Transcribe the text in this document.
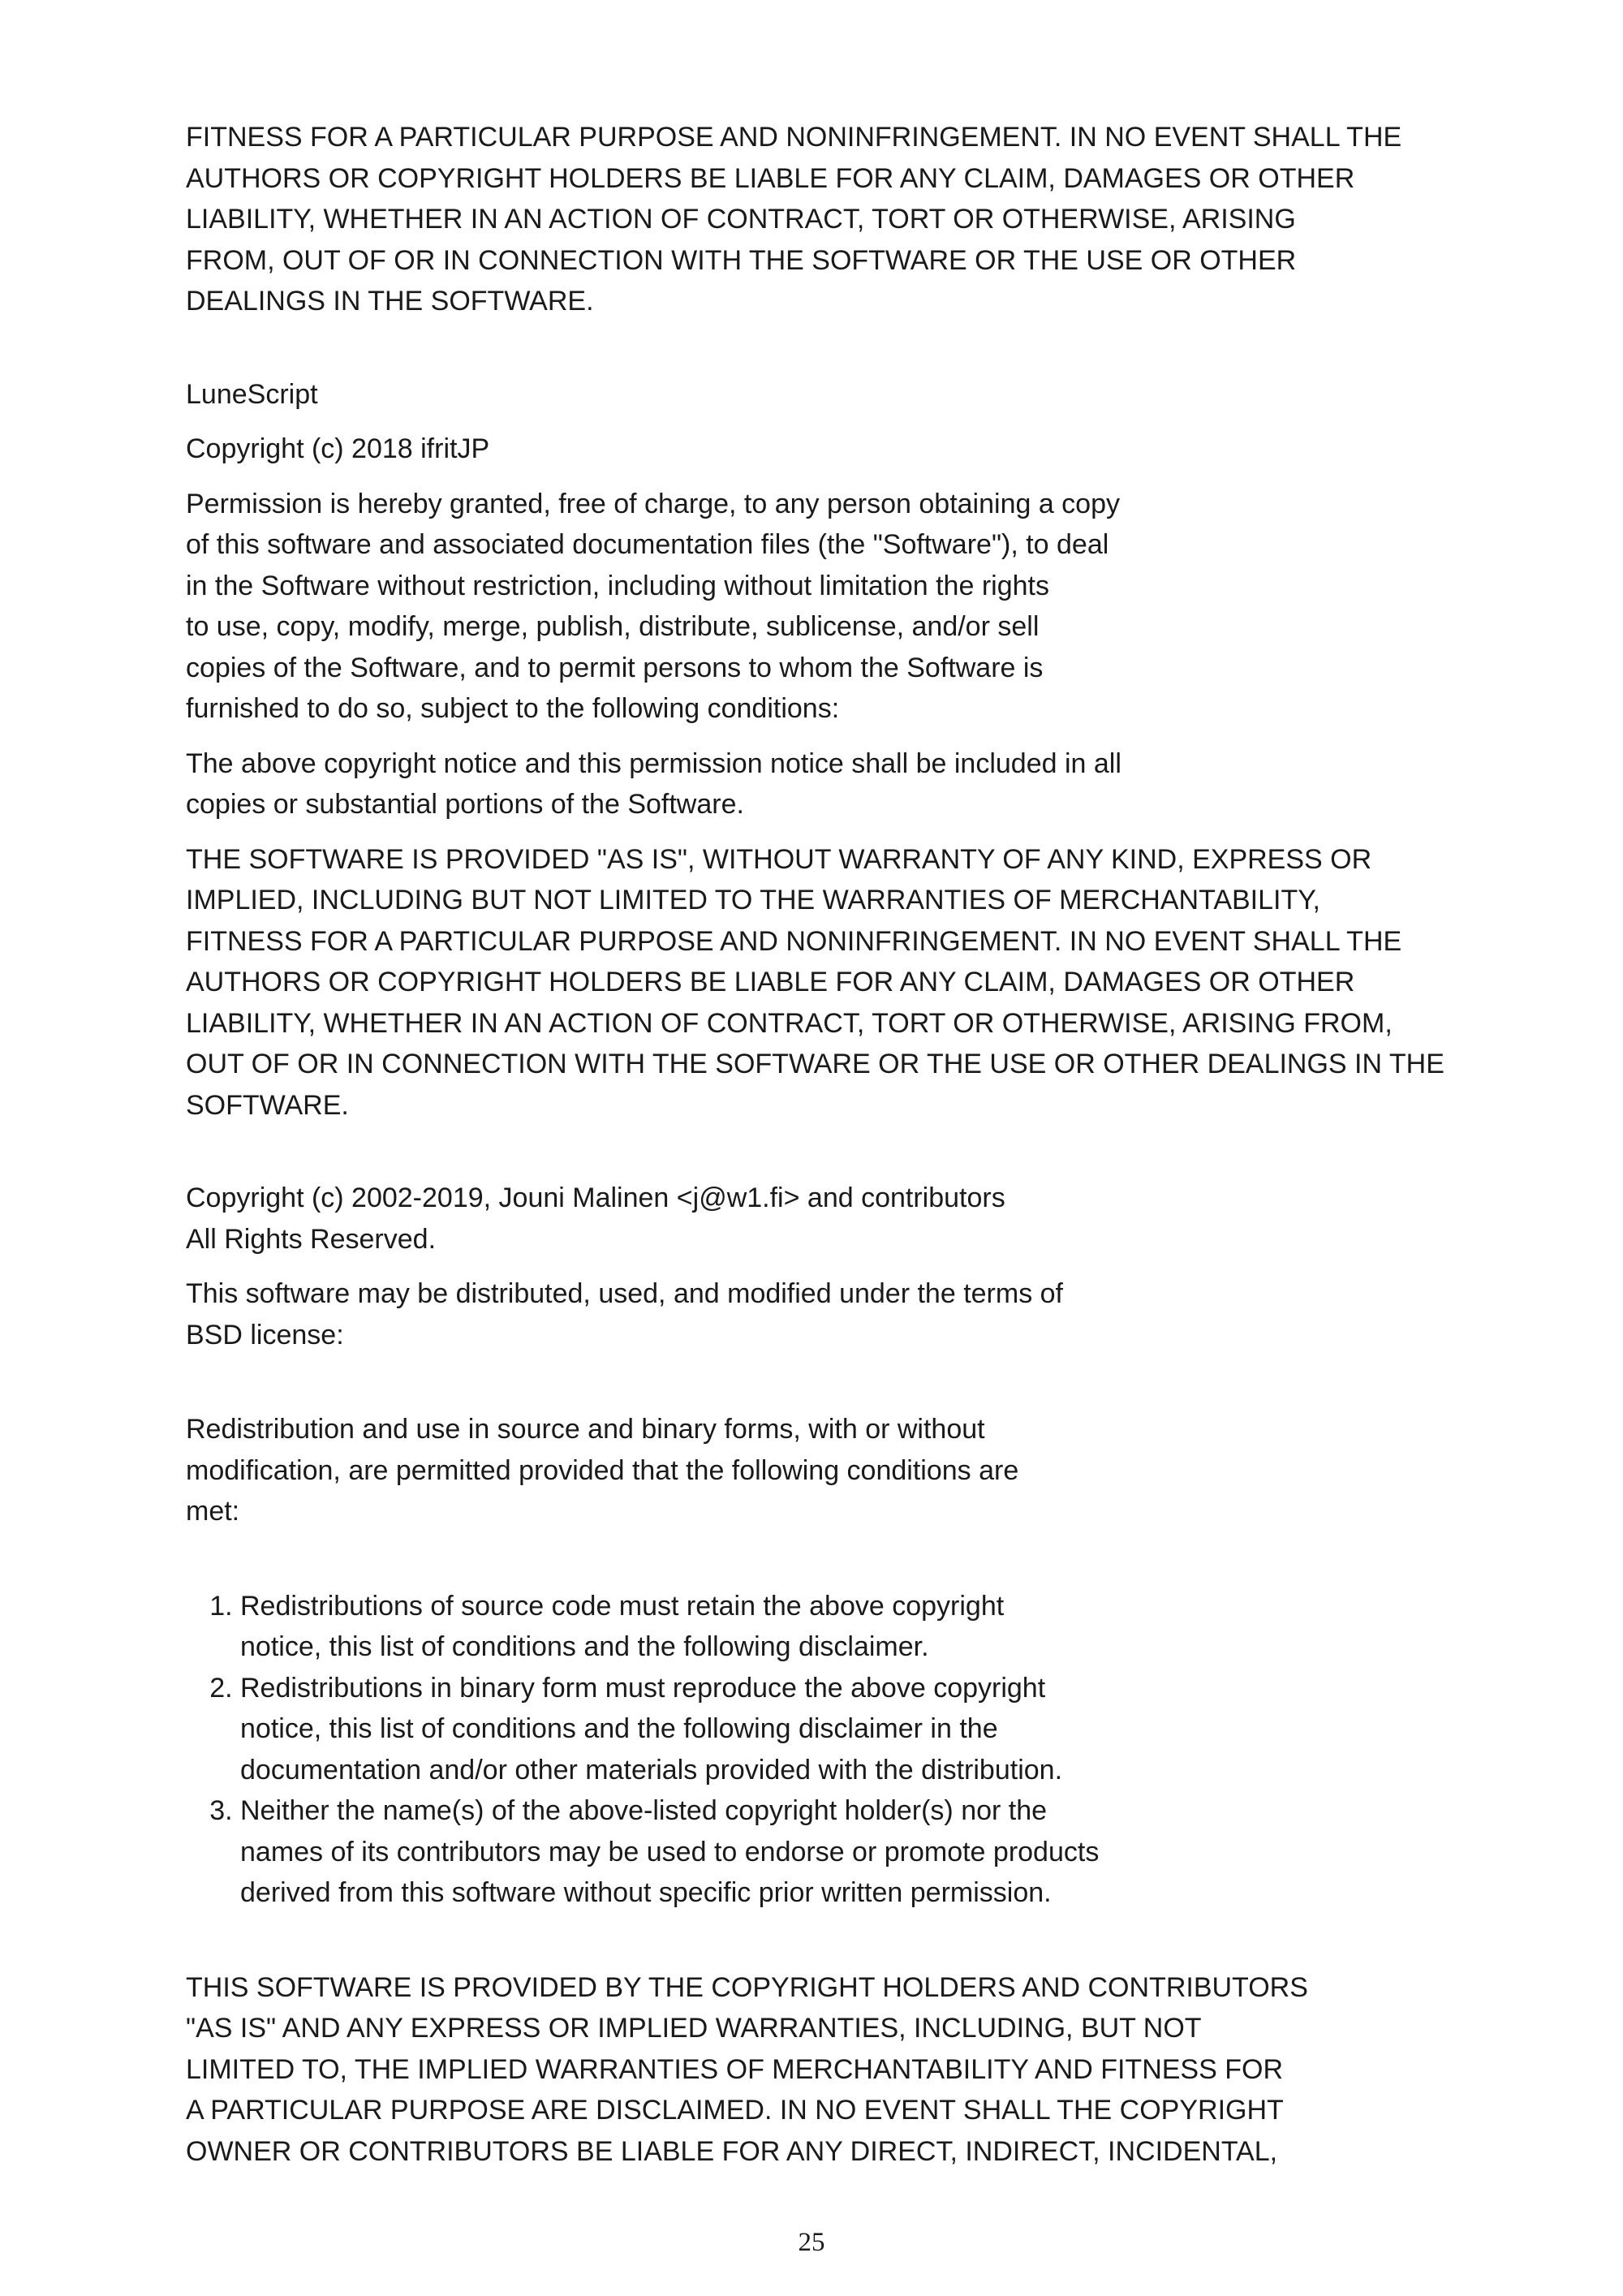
FITNESS FOR A PARTICULAR PURPOSE AND NONINFRINGEMENT. IN NO EVENT SHALL THE
AUTHORS OR COPYRIGHT HOLDERS BE LIABLE FOR ANY CLAIM, DAMAGES OR OTHER
LIABILITY, WHETHER IN AN ACTION OF CONTRACT, TORT OR OTHERWISE, ARISING
FROM, OUT OF OR IN CONNECTION WITH THE SOFTWARE OR THE USE OR OTHER
DEALINGS IN THE SOFTWARE.

LuneScript

Copyright (c) 2018 ifritJP

Permission is hereby granted, free of charge, to any person obtaining a copy
of this software and associated documentation files (the "Software"), to deal
in the Software without restriction, including without limitation the rights
to use, copy, modify, merge, publish, distribute, sublicense, and/or sell
copies of the Software, and to permit persons to whom the Software is
furnished to do so, subject to the following conditions:

The above copyright notice and this permission notice shall be included in all
copies or substantial portions of the Software.

THE SOFTWARE IS PROVIDED "AS IS", WITHOUT WARRANTY OF ANY KIND, EXPRESS OR
IMPLIED, INCLUDING BUT NOT LIMITED TO THE WARRANTIES OF MERCHANTABILITY,
FITNESS FOR A PARTICULAR PURPOSE AND NONINFRINGEMENT. IN NO EVENT SHALL THE
AUTHORS OR COPYRIGHT HOLDERS BE LIABLE FOR ANY CLAIM, DAMAGES OR OTHER
LIABILITY, WHETHER IN AN ACTION OF CONTRACT, TORT OR OTHERWISE, ARISING FROM,
OUT OF OR IN CONNECTION WITH THE SOFTWARE OR THE USE OR OTHER DEALINGS IN THE
SOFTWARE.

Copyright (c) 2002-2019, Jouni Malinen <j@w1.fi> and contributors
All Rights Reserved.

This software may be distributed, used, and modified under the terms of
BSD license:

Redistribution and use in source and binary forms, with or without
modification, are permitted provided that the following conditions are
met:

1. Redistributions of source code must retain the above copyright
notice, this list of conditions and the following disclaimer.
2. Redistributions in binary form must reproduce the above copyright
notice, this list of conditions and the following disclaimer in the
documentation and/or other materials provided with the distribution.
3. Neither the name(s) of the above-listed copyright holder(s) nor the
names of its contributors may be used to endorse or promote products
derived from this software without specific prior written permission.

THIS SOFTWARE IS PROVIDED BY THE COPYRIGHT HOLDERS AND CONTRIBUTORS
"AS IS" AND ANY EXPRESS OR IMPLIED WARRANTIES, INCLUDING, BUT NOT
LIMITED TO, THE IMPLIED WARRANTIES OF MERCHANTABILITY AND FITNESS FOR
A PARTICULAR PURPOSE ARE DISCLAIMED. IN NO EVENT SHALL THE COPYRIGHT
OWNER OR CONTRIBUTORS BE LIABLE FOR ANY DIRECT, INDIRECT, INCIDENTAL,

25
